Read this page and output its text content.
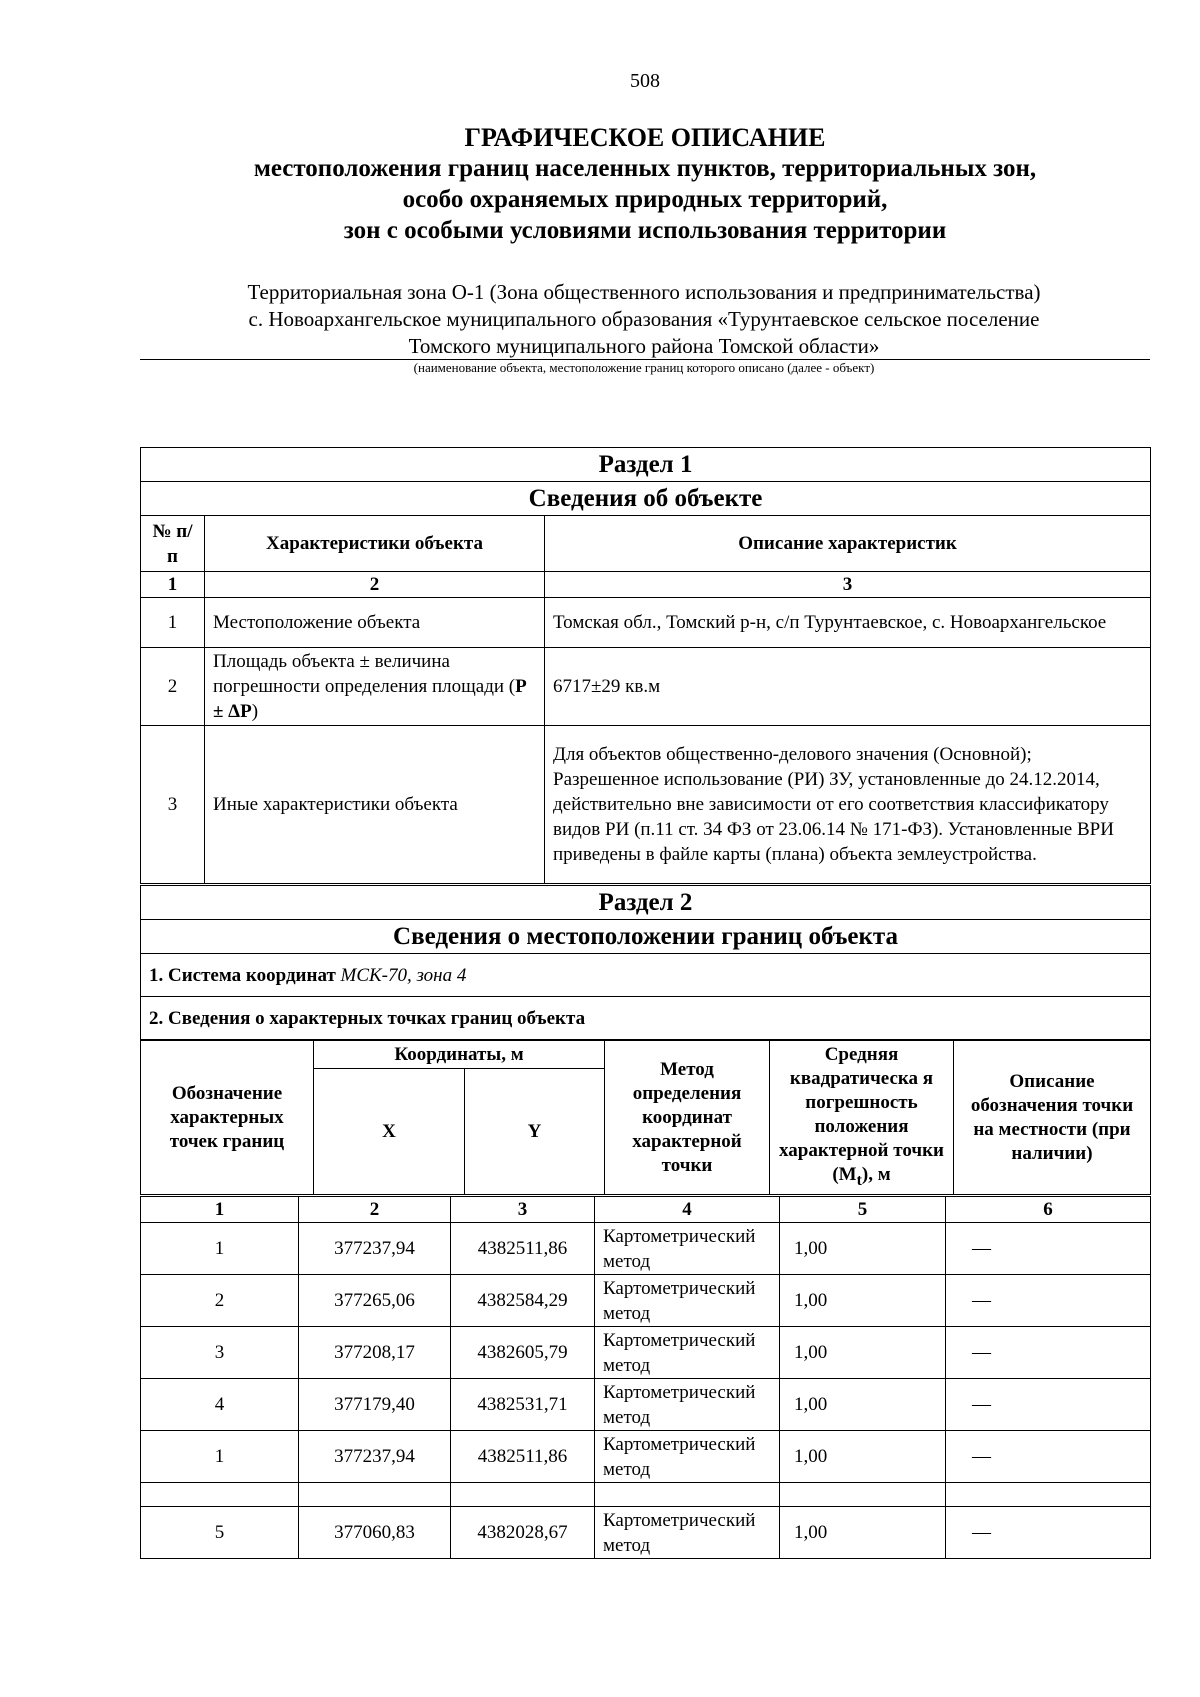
508
ГРАФИЧЕСКОЕ ОПИСАНИЕ
местоположения границ населенных пунктов, территориальных зон,
особо охраняемых природных территорий,
зон с особыми условиями использования территории
Территориальная зона О-1 (Зона общественного использования и предпринимательства)
с. Новоархангельское муниципального образования «Турунтаевское сельское поселение
Томского муниципального района Томской области»
(наименование объекта, местоположение границ которого описано (далее - объект)
Раздел 1		
Сведения об объекте		
№ п/п	Характеристики объекта	Описание характеристик
1	2	3
1	Местоположение объекта	Томская обл., Томский р-н, с/п Турунтаевское, с. Новоархангельское
2	Площадь объекта ± величина погрешности определения площади (P ± ΔP)	6717±29 кв.м
3	Иные характеристики объекта	Для объектов общественно-делового значения (Основной); Разрешенное использование (РИ) ЗУ, установленные до 24.12.2014, действительно вне зависимости от его соответствия классификатору видов РИ (п.11 ст. 34 ФЗ от 23.06.14 № 171-ФЗ). Установленные ВРИ приведены в файле карты (плана) объекта землеустройства.
Раздел 2
Сведения о местоположении границ объекта
1. Система координат МСК-70, зона 4
2. Сведения о характерных точках границ объекта
Обозначение характерных точек границ	Координаты, м		Метод определения координат характерной точки	Средняя квадратическа я погрешность положения характерной точки $(M_t)$, м	Описание обозначения точки на местности (при наличии)
	X	Y			
1	2	3	4	5	6
1	377237,94	4382511,86	Картометрический метод	1,00	—
2	377265,06	4382584,29	Картометрический метод	1,00	—
3	377208,17	4382605,79	Картометрический метод	1,00	—
4	377179,40	4382531,71	Картометрический метод	1,00	—
1	377237,94	4382511,86	Картометрический метод	1,00	—

5	377060,83	4382028,67	Картометрический метод	1,00	—
